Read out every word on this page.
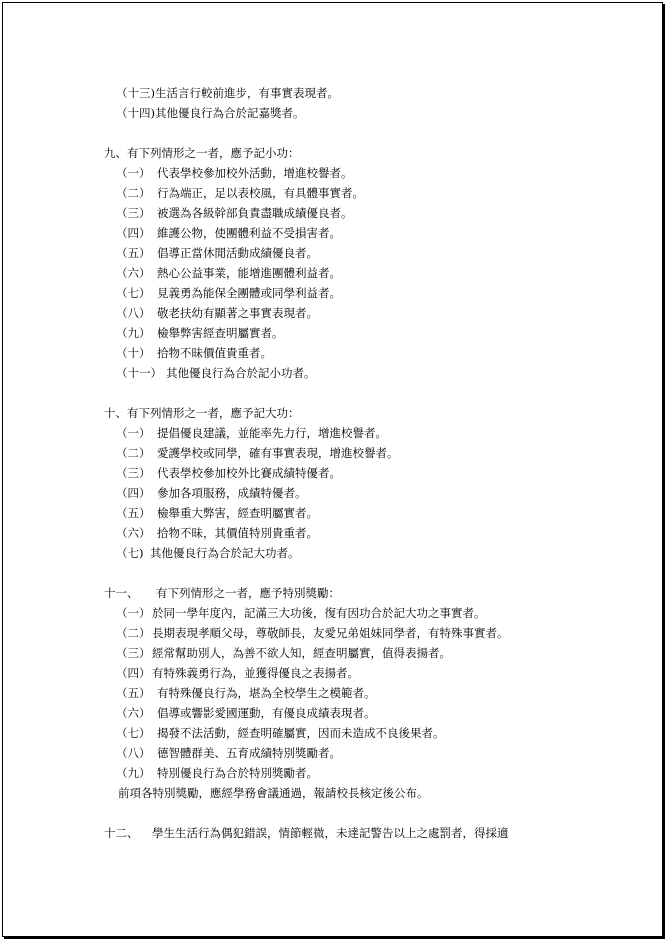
（十三)生活言行較前進步，有事實表現者。
（十四)其他優良行為合於記嘉獎者。
九、有下列情形之一者，應予記小功：
（一） 代表學校參加校外活動，增進校譽者。
（二） 行為端正，足以表校風，有具體事實者。
（三） 被選為各級幹部負責盡職成績優良者。
（四） 維護公物，使團體利益不受損害者。
（五） 倡導正當休閒活動成績優良者。
（六） 熱心公益事業，能增進團體利益者。
（七） 見義勇為能保全團體或同學利益者。
（八） 敬老扶幼有顯著之事實表現者。
（九） 檢舉弊害經查明屬實者。
（十） 拾物不昧價值貴重者。
（十一） 其他優良行為合於記小功者。
十、有下列情形之一者，應予記大功：
（一） 提倡優良建議，並能率先力行，增進校譽者。
（二） 愛護學校或同學，確有事實表現，增進校譽者。
（三） 代表學校參加校外比賽成績特優者。
（四） 參加各項服務，成績特優者。
（五） 檢舉重大弊害，經查明屬實者。
（六） 拾物不昧，其價值特別貴重者。
（七) 其他優良行為合於記大功者。
十一、 有下列情形之一者，應予特別獎勵：
（一） 於同一學年度內，記滿三大功後，復有因功合於記大功之事實者。
（二） 長期表現孝順父母，尊敬師長，友愛兄弟姐妹同學者，有特殊事實者。
（三） 經常幫助別人，為善不欲人知，經查明屬實，值得表揚者。
（四） 有特殊義勇行為，並獲得優良之表揚者。
（五） 有特殊優良行為，堪為全校學生之模範者。
（六） 倡導或響影愛國運動，有優良成績表現者。
（七） 揭發不法活動，經查明確屬實，因而未造成不良後果者。
（八） 德智體群美、五育成績特別獎勵者。
（九） 特別優良行為合於特別獎勵者。
前項各特別獎勵，應經學務會議通過，報請校長核定後公布。
十二、 學生生活行為偶犯錯誤，情節輕微，未達記警告以上之處罰者，得採適
